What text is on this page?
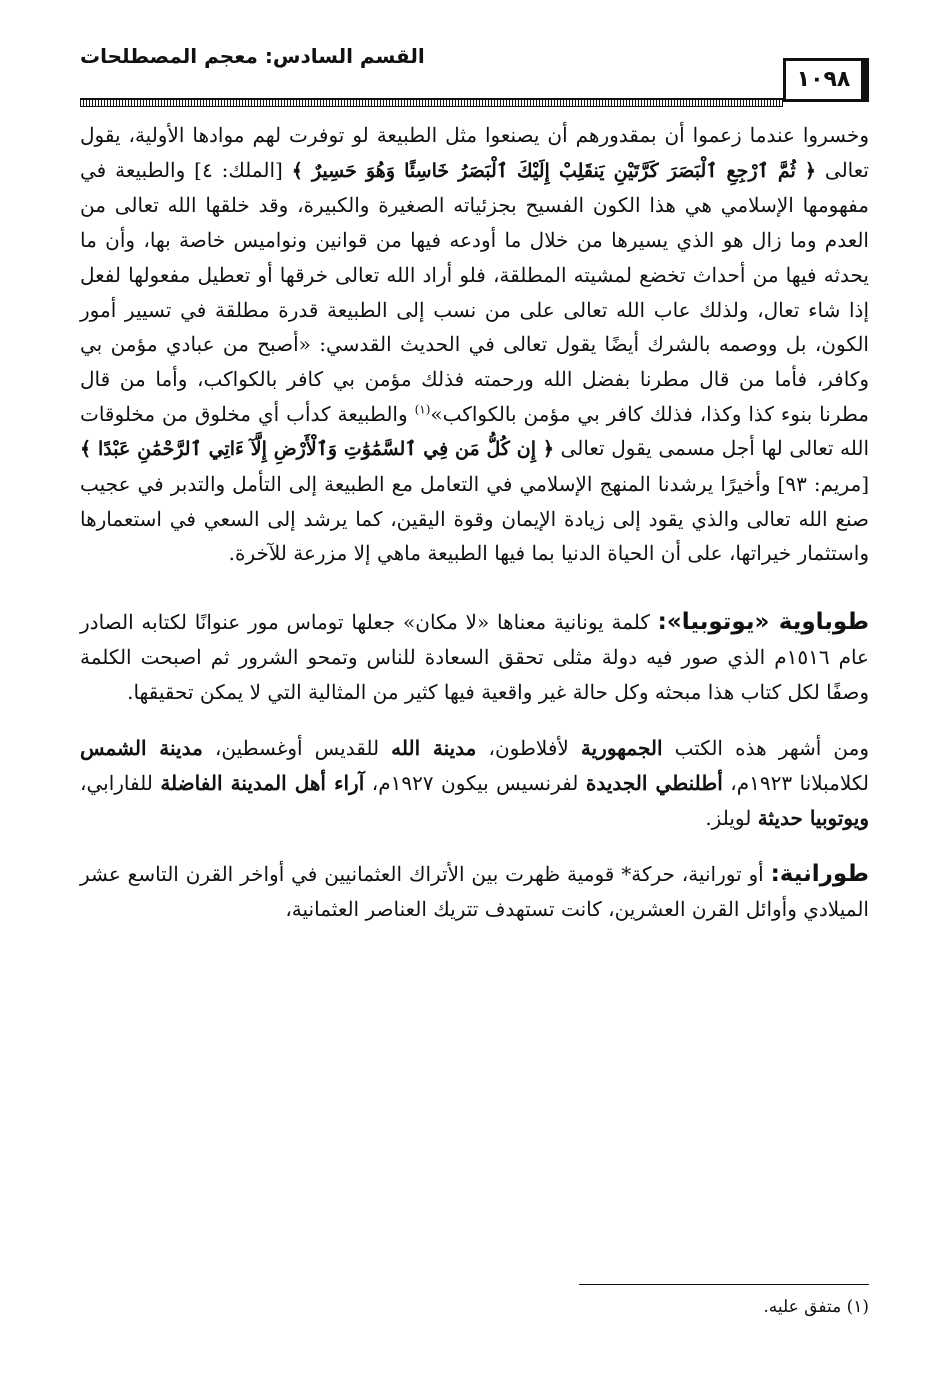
القسم السادس: معجم المصطلحات
١٠٩٨

وخسروا عندما زعموا أن بمقدورهم أن يصنعوا مثل الطبيعة لو توفرت لهم موادها الأولية، يقول تعالى ﴿ ثُمَّ ٱرْجِعِ ٱلْبَصَرَ كَرَّتَيْنِ يَنقَلِبْ إِلَيْكَ ٱلْبَصَرُ خَاسِئًا وَهُوَ حَسِيرٌ ﴾ [الملك: ٤] والطبيعة في مفهومها الإسلامي هي هذا الكون الفسيح بجزئياته الصغيرة والكبيرة، وقد خلقها الله تعالى من العدم وما زال هو الذي يسيرها من خلال ما أودعه فيها من قوانين ونواميس خاصة بها، وأن ما يحدثه فيها من أحداث تخضع لمشيته المطلقة، فلو أراد الله تعالى خرقها أو تعطيل مفعولها لفعل إذا شاء تعال، ولذلك عاب الله تعالى على من نسب إلى الطبيعة قدرة مطلقة في تسيير أمور الكون، بل ووصمه بالشرك أيضًا يقول تعالى في الحديث القدسي: «أصبح من عبادي مؤمن بي وكافر، فأما من قال مطرنا بفضل الله ورحمته فذلك مؤمن بي كافر بالكواكب، وأما من قال مطرنا بنوء كذا وكذا، فذلك كافر بي مؤمن بالكواكب»$^{(١)}$ والطبيعة كدأب أي مخلوق من مخلوقات الله تعالى لها أجل مسمى يقول تعالى ﴿ إِن كُلُّ مَن فِي ٱلسَّمَٰوَٰتِ وَٱلْأَرْضِ إِلَّآ ءَاتِي ٱلرَّحْمَٰنِ عَبْدًا ﴾ [مريم: ٩٣] وأخيرًا يرشدنا المنهج الإسلامي في التعامل مع الطبيعة إلى التأمل والتدبر في عجيب صنع الله تعالى والذي يقود إلى زيادة الإيمان وقوة اليقين، كما يرشد إلى السعي في استعمارها واستثمار خيراتها، على أن الحياة الدنيا بما فيها الطبيعة ماهي إلا مزرعة للآخرة.

طوباوية «يوتوبيا»: كلمة يونانية معناها «لا مكان» جعلها توماس مور عنوانًا لكتابه الصادر عام ١٥١٦م الذي صور فيه دولة مثلى تحقق السعادة للناس وتمحو الشرور ثم اصبحت الكلمة وصفًا لكل كتاب هذا مبحثه وكل حالة غير واقعية فيها كثير من المثالية التي لا يمكن تحقيقها.

ومن أشهر هذه الكتب الجمهورية لأفلاطون، مدينة الله للقديس أوغسطين، مدينة الشمس لكلامبلانا ١٩٢٣م، أطلنطي الجديدة لفرنسيس بيكون ١٩٢٧م، آراء أهل المدينة الفاضلة للفارابي، ويوتوبيا حديثة لويلز.

طورانية: أو تورانية، حركة* قومية ظهرت بين الأتراك العثمانيين في أواخر القرن التاسع عشر الميلادي وأوائل القرن العشرين، كانت تستهدف تتريك العناصر العثمانية،

(١) متفق عليه.
